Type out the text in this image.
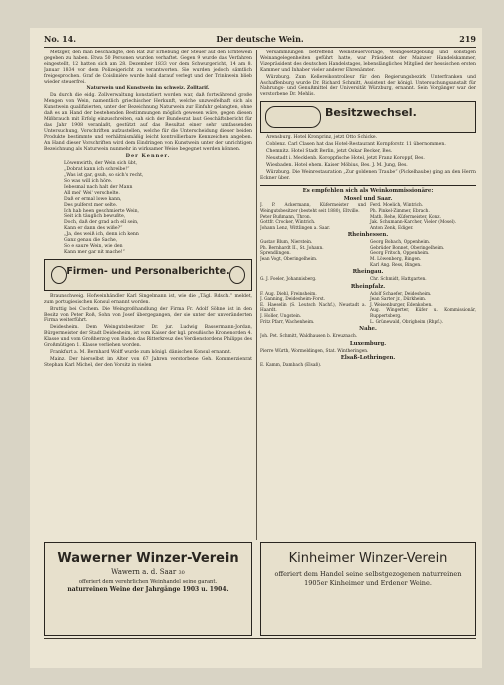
No. 14.	Der deutsche Wein.	219

Metzger, den man beschädigte, den Rat zur Erhebung der Steuer auf den Erntewein gegeben zu haben. Etwa 50 Personen wurden verhaftet. Gegen 9 wurde das Verfahren eingestellt, 12 hatten sich am 28. Dezember 1833 vor dem Schwurgericht, 14 am 8. Januar 1834 vor dem Polizeigericht zu verantworten. Sie wurden jedoch sämtlich freigesprochen. Graf de Coislinière wurde bald darauf verlegt und der Trinkwein blieb wieder steuerfrei.

Naturwein und Kunstwein im schweiz. Zolltarif.

Da durch die eidg. Zollverwaltung konstatiert worden war, daß fortwährend große Mengen von Wein, namentlich griechischer Herkunft, welche unzweifelhaft sich als Kunstwein qualifizierten, unter der Bezeichnung Naturwein zur Einfuhr gelangten, ohne daß es an Hand der bestehenden Bestimmungen möglich gewesen wäre, gegen diesen Mißbrauch mit Erfolg einzuschreiten, sah sich der Bundesrat laut Geschäftsbericht für das Jahr 1908 veranlaßt, gestützt auf das Resultat einer sehr umfassenden Untersuchung, Vorschriften aufzustellen, welche für die Unterscheidung dieser beiden Produkte bestimmte und verhältnismäßig leicht kontrollierbare Kennzeichen angeben. An Hand dieser Vorschriften wird dem Eindringen von Kunstwein unter der unrichtigen Bezeichnung als Naturwein nunmehr in wirksamer Weise begegnet werden können.

Der Kenner.

Löwenwirth, der Wein sich übt,

„Dobrat kann ich schreibe!“

„Was ist gar, gsuh, so sich's recht,

So was will ich höre.

Iebesmal nach halt der Mann

All mei' Wei' verschelte.

Daß er ermal lowe kann,

Des pulferst mer selte.

Ich hab heen geschmierte Wein,

Seit ich täuglich bewußte,

Doch, daß der grad ach ell sein,

Kann er dann des wiße?“

„Ja, des weiß ich, denn ich kenn

Ganz genau die Sache,

So e saure Wein, wie den

Kann mer gar nit mache!“

Firmen- und Personalberichte.

Braunschweig. Hofweinhändler Karl Singelmann ist, wie die „Tägl. Rdsch.“ meldet, zum portugiesischen Konsul ernannt worden.

Bruttig bei Cochem. Die Weingroßhandlung der Firma Fr. Adolf Söhne ist in den Besitz von Peter Roß, Sohn von Josef übergegangen, der sie unter der unveränderten Firma weiterführt.

Deidesheim. Dem Weingutsbesitzer Dr. jur. Ludwig Bassermann-Jordan, Bürgermeister der Stadt Deidesheim, ist vom Kaiser der kgl. preußische Kronenorden 4. Klasse und vom Großherzog von Baden das Ritterkreuz des Verdienstordens Philipps des Großmütigen 1. Klasse verliehen worden.

Frankfurt a. M. Bernhard Wolff wurde zum königl. dänischen Konsul ernannt.

Mainz. Der hierselbst im Alter von 67 Jahren verstorbene Geh. Kommerzienrat Stephan Karl Michel, der den Vorsitz in vielen

Versammlungen betreffend Weinsteuervorlage, Weingesetzgebung und sonstigen Weinangelegenheiten geführt hatte, war Präsident der Mainzer Handelskammer, Vizepräsident des deutschen Handelstages, lebenslängliches Mitglied der hessischen ersten Kammer und Inhaber vieler anderer Ehrenämter.

Würzburg. Zum Kellereikontrolleur für den Regierungsbezirk Unterfranken und Aschaffenburg wurde Dr. Richard Schmitt, Assistent der königl. Untersuchungsanstalt für Nahrungs- und Genußmittel der Universität Würzburg, ernannt. Sein Vorgänger war der verstorbene Dr. Mehlis.

Besitzwechsel.

Arensburg. Hotel Kronprinz, jetzt Otto Schicke.

Coblenz. Carl Clasen hat das Hotel-Restaurant Kornpforstr. 11 übernommen.

Chemnitz. Hotel Stadt Berlin, jetzt Oskar Becker, Bes.

Neustadt i. Mecklenb. Koroppfische Hotel, jetzt Franz Koroppf, Bes.

Wiesbaden. Hotel ehem. Kaiser Möbius, Bes. J. M. Jung, Bes.

Würzburg. Die Weinrestauration „Zur goldenen Traube“ (Pickelhaube) ging an den Herrn Eckner über.

Es empfehlen sich als Weinkommissionäre:
Mosel und Saar.
J. P. Ackermann, Küfermeister und Weingutsbesitzer (besteht seit 1880), Eltville.
Peter Bußmann, Thron.
Gottfr. Crocker, Wintrich.
Johann Lenz, Wittlingen a. Saar.
Ferd. Moelich, Wintrich.
Ph. Pinkel-Zimmer, Ebrach.
Math. Rehe, Küfermeister, Konz.
Jak. Schumann-Karcher, Vieler (Mosel).
Anton Zenk, Ediger.
Rheinhessen.
Gustav Blum, Nierstein.
Ph. Bernhardt II., St. Johann.
Sprendlingen.
Jean Vogt, Oberingelheim.
Georg Bobach, Oppenheim.
Gebrüder Bonnet, Oberingelheim.
Georg Fritsch, Oppenheim.
M. Löwenberg, Bingen.
Karl Ang. Ress, Bingen.
Rheingau.
G. J. Foeler, Johannisberg.	Chr. Schmidt, Hattgarten.
Rheinpfalz.
F. Aug. Diehl, Freinsheim.
J. Ganning, Deidesheim-Forst.
E. Haeselin (S. Leutsch Nachf.), Neustadt a. Haardt.
J. Holler, Ungstein.
Fritz Pfarr, Wachenheim.
Adolf Schaefer, Deidesheim.
Jean Sarter jr., Dürkheim.
J. Weisenburger, Edenkoben.
Aug. Wingerter, Küfer u. Kommissionär, Ruppertsberg.
L. Grünewald, Obrigheim (Rhpf.).
Nahe.
Joh. Pet. Schmitt, Waldhausen b. Kreuznach.
Luxemburg.
Pierre Würth, Wormeldingen, Stat. Wintheringen.
Elsaß-Lothringen.
E. Kamm, Dambach (Elsaß).
Wawerner Winzer-Verein
Wawern a. d. Saar 30
offeriert dem verehrlichen Weinhandel seine garant.
naturreinen Weine der Jahrgänge 1903 u. 1904.
Kinheimer Winzer-Verein
offeriert dem Handel seine selbstgezogenen naturreinen 1905er Kinheimer und Erdener Weine.
